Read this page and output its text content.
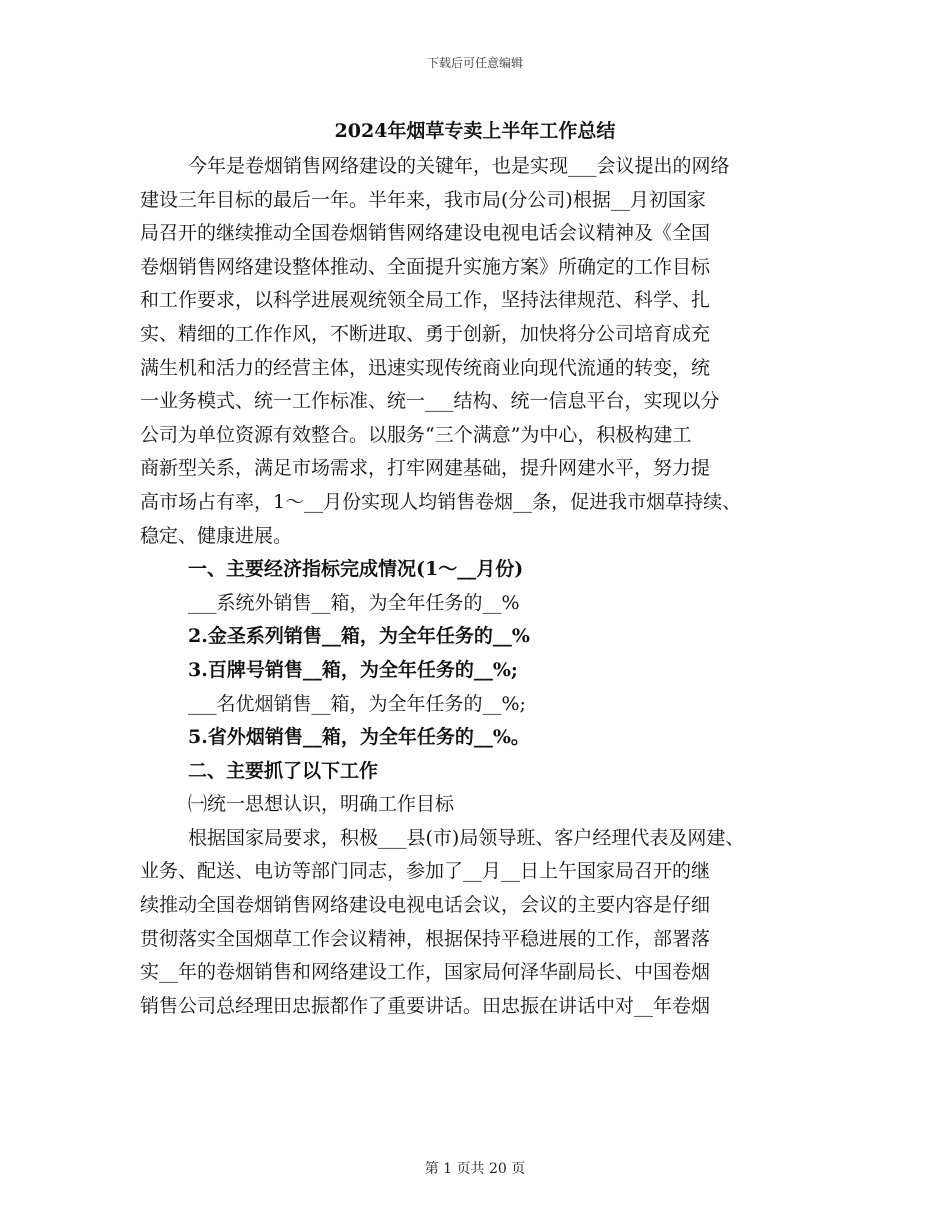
下载后可任意编辑
2024年烟草专卖上半年工作总结
今年是卷烟销售网络建设的关键年，也是实现___会议提出的网络
建设三年目标的最后一年。半年来，我市局(分公司)根据__月初国家
局召开的继续推动全国卷烟销售网络建设电视电话会议精神及《全国
卷烟销售网络建设整体推动、全面提升实施方案》所确定的工作目标
和工作要求，以科学进展观统领全局工作，坚持法律规范、科学、扎
实、精细的工作作风，不断进取、勇于创新，加快将分公司培育成充
满生机和活力的经营主体，迅速实现传统商业向现代流通的转变，统
一业务模式、统一工作标准、统一___结构、统一信息平台，实现以分
公司为单位资源有效整合。以服务“三个满意”为中心，积极构建工
商新型关系，满足市场需求，打牢网建基础，提升网建水平，努力提
高市场占有率，1～__月份实现人均销售卷烟__条，促进我市烟草持续、
稳定、健康进展。
一、主要经济指标完成情况(1～__月份)
___系统外销售__箱，为全年任务的__%
2.金圣系列销售__箱，为全年任务的__%
3.百牌号销售__箱，为全年任务的__%;
___名优烟销售__箱，为全年任务的__%;
5.省外烟销售__箱，为全年任务的__%。
二、主要抓了以下工作
㈠统一思想认识，明确工作目标
根据国家局要求，积极___县(市)局领导班、客户经理代表及网建、
业务、配送、电访等部门同志，参加了__月__日上午国家局召开的继
续推动全国卷烟销售网络建设电视电话会议，会议的主要内容是仔细
贯彻落实全国烟草工作会议精神，根据保持平稳进展的工作，部署落
实__年的卷烟销售和网络建设工作，国家局何泽华副局长、中国卷烟
销售公司总经理田忠振都作了重要讲话。田忠振在讲话中对__年卷烟
第 1 页共 20 页
